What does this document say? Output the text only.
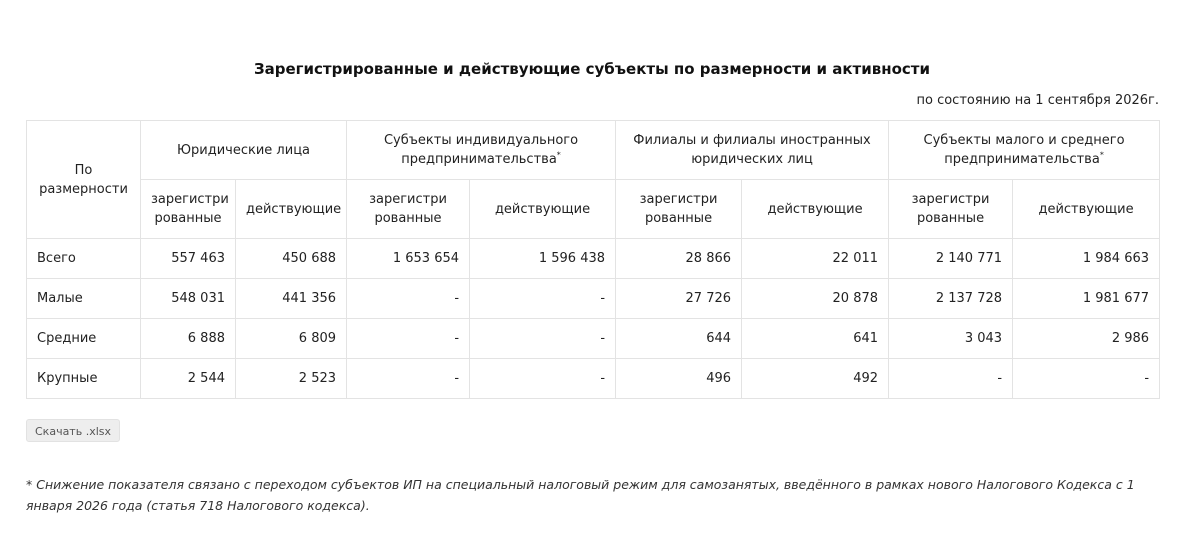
Зарегистрированные и действующие субъекты по размерности и активности
по состоянию на 1 сентября 2026г.
По размерности	Юридические лица		Субъекты индивидуального предпринимательства*		Филиалы и филиалы иностранных юридических лиц		Субъекты малого и среднего предпринимательства*
	зарегистри рованные	действующие	зарегистри рованные	действующие	зарегистри рованные	действующие	зарегистри рованные	действующие
Всего	557 463	450 688	1 653 654	1 596 438	28 866	22 011	2 140 771	1 984 663
Малые	548 031	441 356	-	-	27 726	20 878	2 137 728	1 981 677
Средние	6 888	6 809	-	-	644	641	3 043	2 986
Крупные	2 544	2 523	-	-	496	492	-	-
Скачать .xlsx
* Снижение показателя связано с переходом субъектов ИП на специальный налоговый режим для самозанятых, введённого в рамках нового Налогового Кодекса с 1 января 2026 года (статья 718 Налогового кодекса).
